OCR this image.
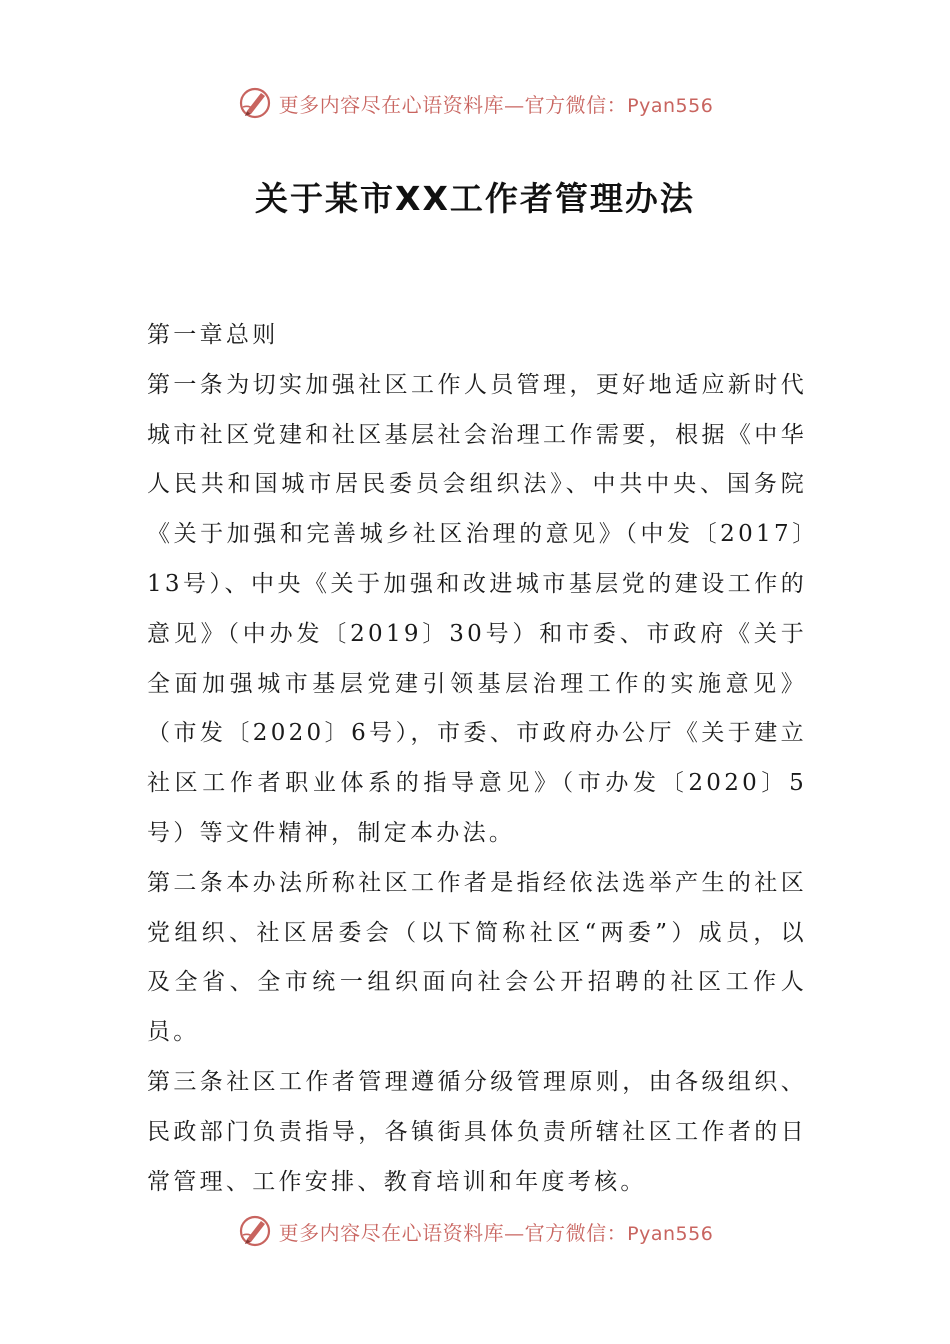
更多内容尽在心语资料库—官方微信：Pyan556
关于某市XX工作者管理办法

第一章总则

第一条为切实加强社区工作人员管理，更好地适应新时代城市社区党建和社区基层社会治理工作需要，根据《中华人民共和国城市居民委员会组织法》、中共中央、国务院《关于加强和完善城乡社区治理的意见》（中发〔2017〕13号）、中央《关于加强和改进城市基层党的建设工作的意见》（中办发〔2019〕30号）和市委、市政府《关于全面加强城市基层党建引领基层治理工作的实施意见》（市发〔2020〕6号），市委、市政府办公厅《关于建立社区工作者职业体系的指导意见》（市办发〔2020〕5号）等文件精神，制定本办法。

第二条本办法所称社区工作者是指经依法选举产生的社区党组织、社区居委会（以下简称社区“两委”）成员，以及全省、全市统一组织面向社会公开招聘的社区工作人员。

第三条社区工作者管理遵循分级管理原则，由各级组织、民政部门负责指导，各镇街具体负责所辖社区工作者的日常管理、工作安排、教育培训和年度考核。

更多内容尽在心语资料库—官方微信：Pyan556
